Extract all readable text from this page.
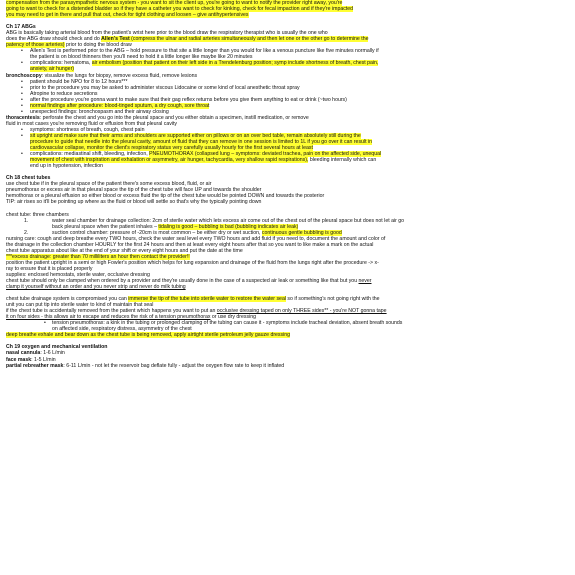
compensation from the parasympathetic nervous system - you want to sit the client up, you're going to want to notify the provider right away, you're
going to want to check for a distended bladder so if they have a catheter you want to check for kinking, check for fecal impaction and if they're impacted
you may need to get in there and pull that out, check for tight clothing and loosen – give antihypertensives
Ch 17 ABGs
ABG is basically taking arterial blood from the patient's wrist here prior to the blood draw the respiratory therapist who is usually the one who
does the ABG draw should check and do Allen's Test (compress the ulnar and radial arteries simultaneously and then let one or the other go to determine the
patency of those arteries) prior to doing the blood draw
• Allen's Test is performed prior to the ABG – hold pressure to that site a little longer than you would for like a venous puncture like five minutes normally if
the patient is on blood thinners then you'll need to hold it a little longer like maybe like 20 minutes
• complications: hematoma, air embolism (position that patient on their left side in a Trendelenburg position; symp include shortness of breath, chest pain,
anxiety, air hunger)
bronchoscopy: visualize the lungs for biopsy, remove excess fluid, remove lesions
• patient should be NPO for 8 to 12 hours***
• prior to the procedure you may be asked to administer viscous Lidocaine or some kind of local anesthetic throat spray
• Atropine to reduce secretions
• after the procedure you're gonna want to make sure that their gag reflex returns before you give them anything to eat or drink (~two hours)
• normal findings after procedure: blood-tinged sputum, a dry cough, sore throat
• unexpected findings: bronchospasm and their airway closing
thoracentesis: perforate the chest and you go into the pleural space and you either obtain a specimen, instill medication, or remove
fluid in most cases you're removing fluid or effusion from that pleural cavity
• symptoms: shortness of breath, cough, chest pain
• sit upright and make sure that their arms and shoulders are supported either on pillows or on an over bed table, remain absolutely still during the
procedure to guide that needle into the pleural cavity, amount of fluid that they can remove in one session is limited to 1L if you go over it can result in
cardiovascular collapse, monitor the client's respiratory status very carefully usually hourly for the first several hours at least
• complications: mediastinal shift, bleeding, infection, PNEUMOTHORAX (collapsed lung – symptoms: deviated trachea, pain on the affected side, unequal
movement of chest with inspiration and exhalation or asymmetry, air hunger, tachycardia, very shallow rapid respirations), bleeding internally which can
end up in hypotension, infection
Ch 18 chest tubes
use chest tube if in the pleural space of the patient there's some excess blood, fluid, or air
pneumothorax or excess air in that pleural space the tip of the chest tube will face UP and towards the shoulder
hemothorax or a pleural effusion so either blood or excess fluid the tip of the chest tube would be pointed DOWN and towards the posterior
TIP: air rises so it'll be pointing up where as the fluid or blood will settle so that's why the typically pointing down
chest tube: three chambers
1.	water seal chamber for drainage collection: 2cm of sterile water which lets excess air come out of the chest out of the pleural space but does not let air go
back pleural space when the patient inhales – tidaling is good – bubbling is bad (bubbling indicates air leak)
2.	suction control chamber: pressure of -20cm is most common – be either dry or wet suction, continuous gentle bubbling is good
nursing care: cough and deep breathe every TWO hours, check the water seal level every TWO hours and add fluid if you need to, document the amount and color of
the drainage in the collection chamber HOURLY for the first 24 hours and then at least every eight hours after that so you want to like make a mark on the actual
chest tube apparatus about like at the end of your shift or every eight hours and put the date at the time
***excess drainage: greater than 70 milliliters an hour then contact the provider!!
position the patient upright in a semi or high Fowler's position which helps for lung expansion and drainage of the fluid from the lungs right after the procedure -> x-
ray to ensure that it is placed properly
supplies: enclosed hemostats, sterile water, occlusive dressing
chest tube should only be clamped when ordered by a provider and they're usually done in the case of a suspected air leak or something like that but you never
clamp it yourself without an order and you never strip and never do milk tubing
chest tube drainage system is compromised you can immerse the tip of the tube into sterile water to restore the water seal so if something's not going right with the
unit you can put tip into sterile water to kind of maintain that seal
if the chest tube is accidentally removed from the patient which happens you want to put an occlusive dressing taped on only THREE sides** - you're NOT gonna tape
it on four sides - this allows air to escape and reduces the risk of a tension pneumothorax or use dry dressing
• tension pneumothorax: a kink in the tubing or prolonged clamping of the tubing can cause it - symptoms include tracheal deviation, absent breath sounds
on affected side, respiratory distress, asymmetry of the chest
deep breathe exhale and bear down as the chest tube is being removed, apply airtight sterile petroleum jelly gauze dressing
Ch 19 oxygen and mechanical ventilation
nasal cannula: 1-6 L/min
face mask: 1-5 L/min
partial rebreather mask: 6-11 L/min - not let the reservoir bag deflate fully - adjust the oxygen flow rate to keep it inflated
